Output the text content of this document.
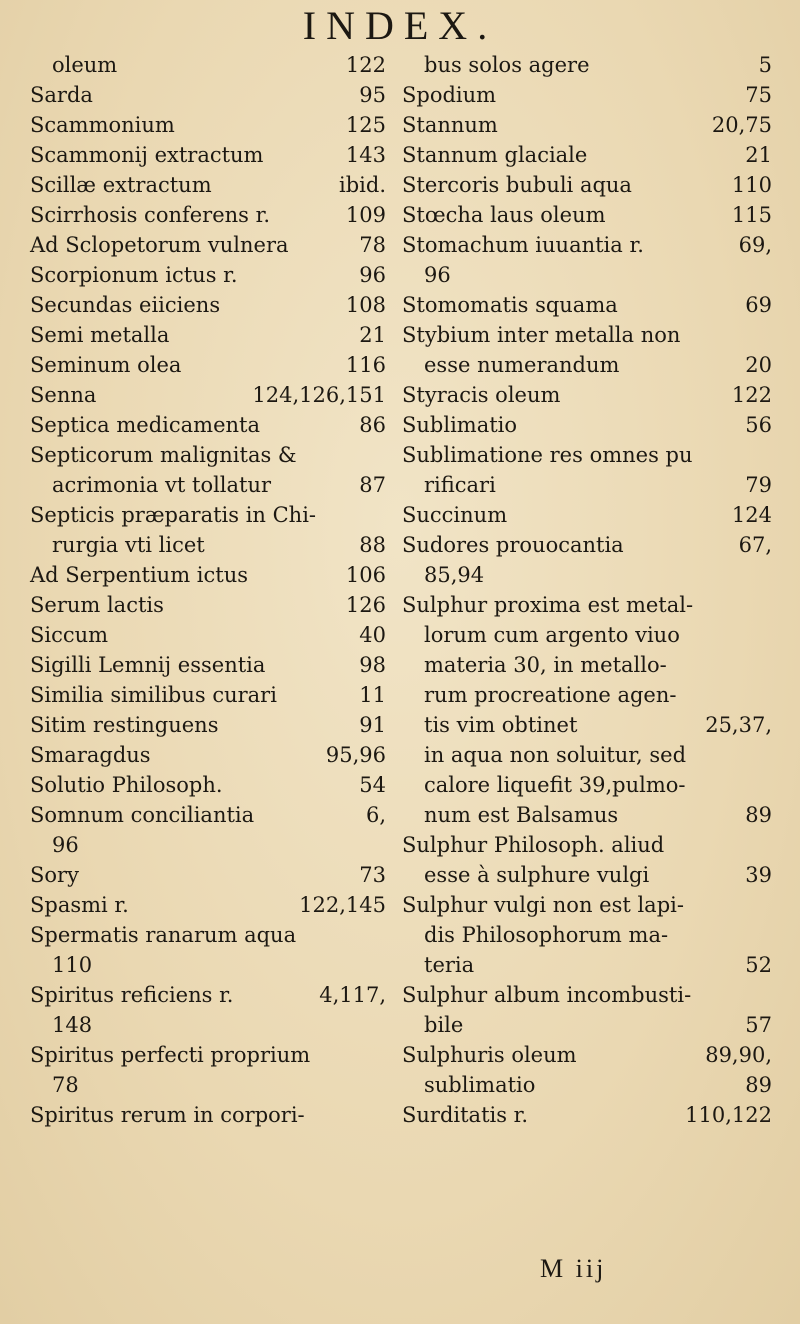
INDEX.
oleum	122
Sarda	95
Scammonium	125
Scammonij extractum	143
Scillæ extractum	ibid.
Scirrhosis conferens r.	109
Ad Sclopetorum vulnera	78
Scorpionum ictus r.	96
Secundas eiiciens	108
Semi metalla	21
Seminum olea	116
Senna	124,126,151
Septica medicamenta	86
Septicorum malignitas &
acrimonia vt tollatur	87
Septicis præparatis in Chi-
rurgia vti licet	88
Ad Serpentium ictus	106
Serum lactis	126
Siccum	40
Sigilli Lemnij essentia	98
Similia similibus curari	11
Sitim restinguens	91
Smaragdus	95,96
Solutio Philosoph.	54
Somnum conciliantia	6,
96
Sory	73
Spasmi r.	122,145
Spermatis ranarum aqua
110
Spiritus reficiens r.	4,117,
148
Spiritus perfecti proprium
78
Spiritus rerum in corpori-
bus solos agere	5
Spodium	75
Stannum	20,75
Stannum glaciale	21
Stercoris bubuli aqua	110
Stœcha laus oleum	115
Stomachum iuuantia r.	69,
96
Stomomatis squama	69
Stybium inter metalla non
esse numerandum	20
Styracis oleum	122
Sublimatio	56
Sublimatione res omnes pu
rificari	79
Succinum	124
Sudores prouocantia	67,
85,94
Sulphur proxima est metal-
lorum cum argento viuo
materia 30, in metallo-
rum procreatione agen-
tis vim obtinet	25,37,
in aqua non soluitur, sed
calore liquefit 39,pulmo-
num est Balsamus	89
Sulphur Philosoph. aliud
esse à sulphure vulgi	39
Sulphur vulgi non est lapi-
dis Philosophorum ma-
teria	52
Sulphur album incombusti-
bile	57
Sulphuris oleum	89,90,
sublimatio	89
Surditatis r.	110,122
M iij
